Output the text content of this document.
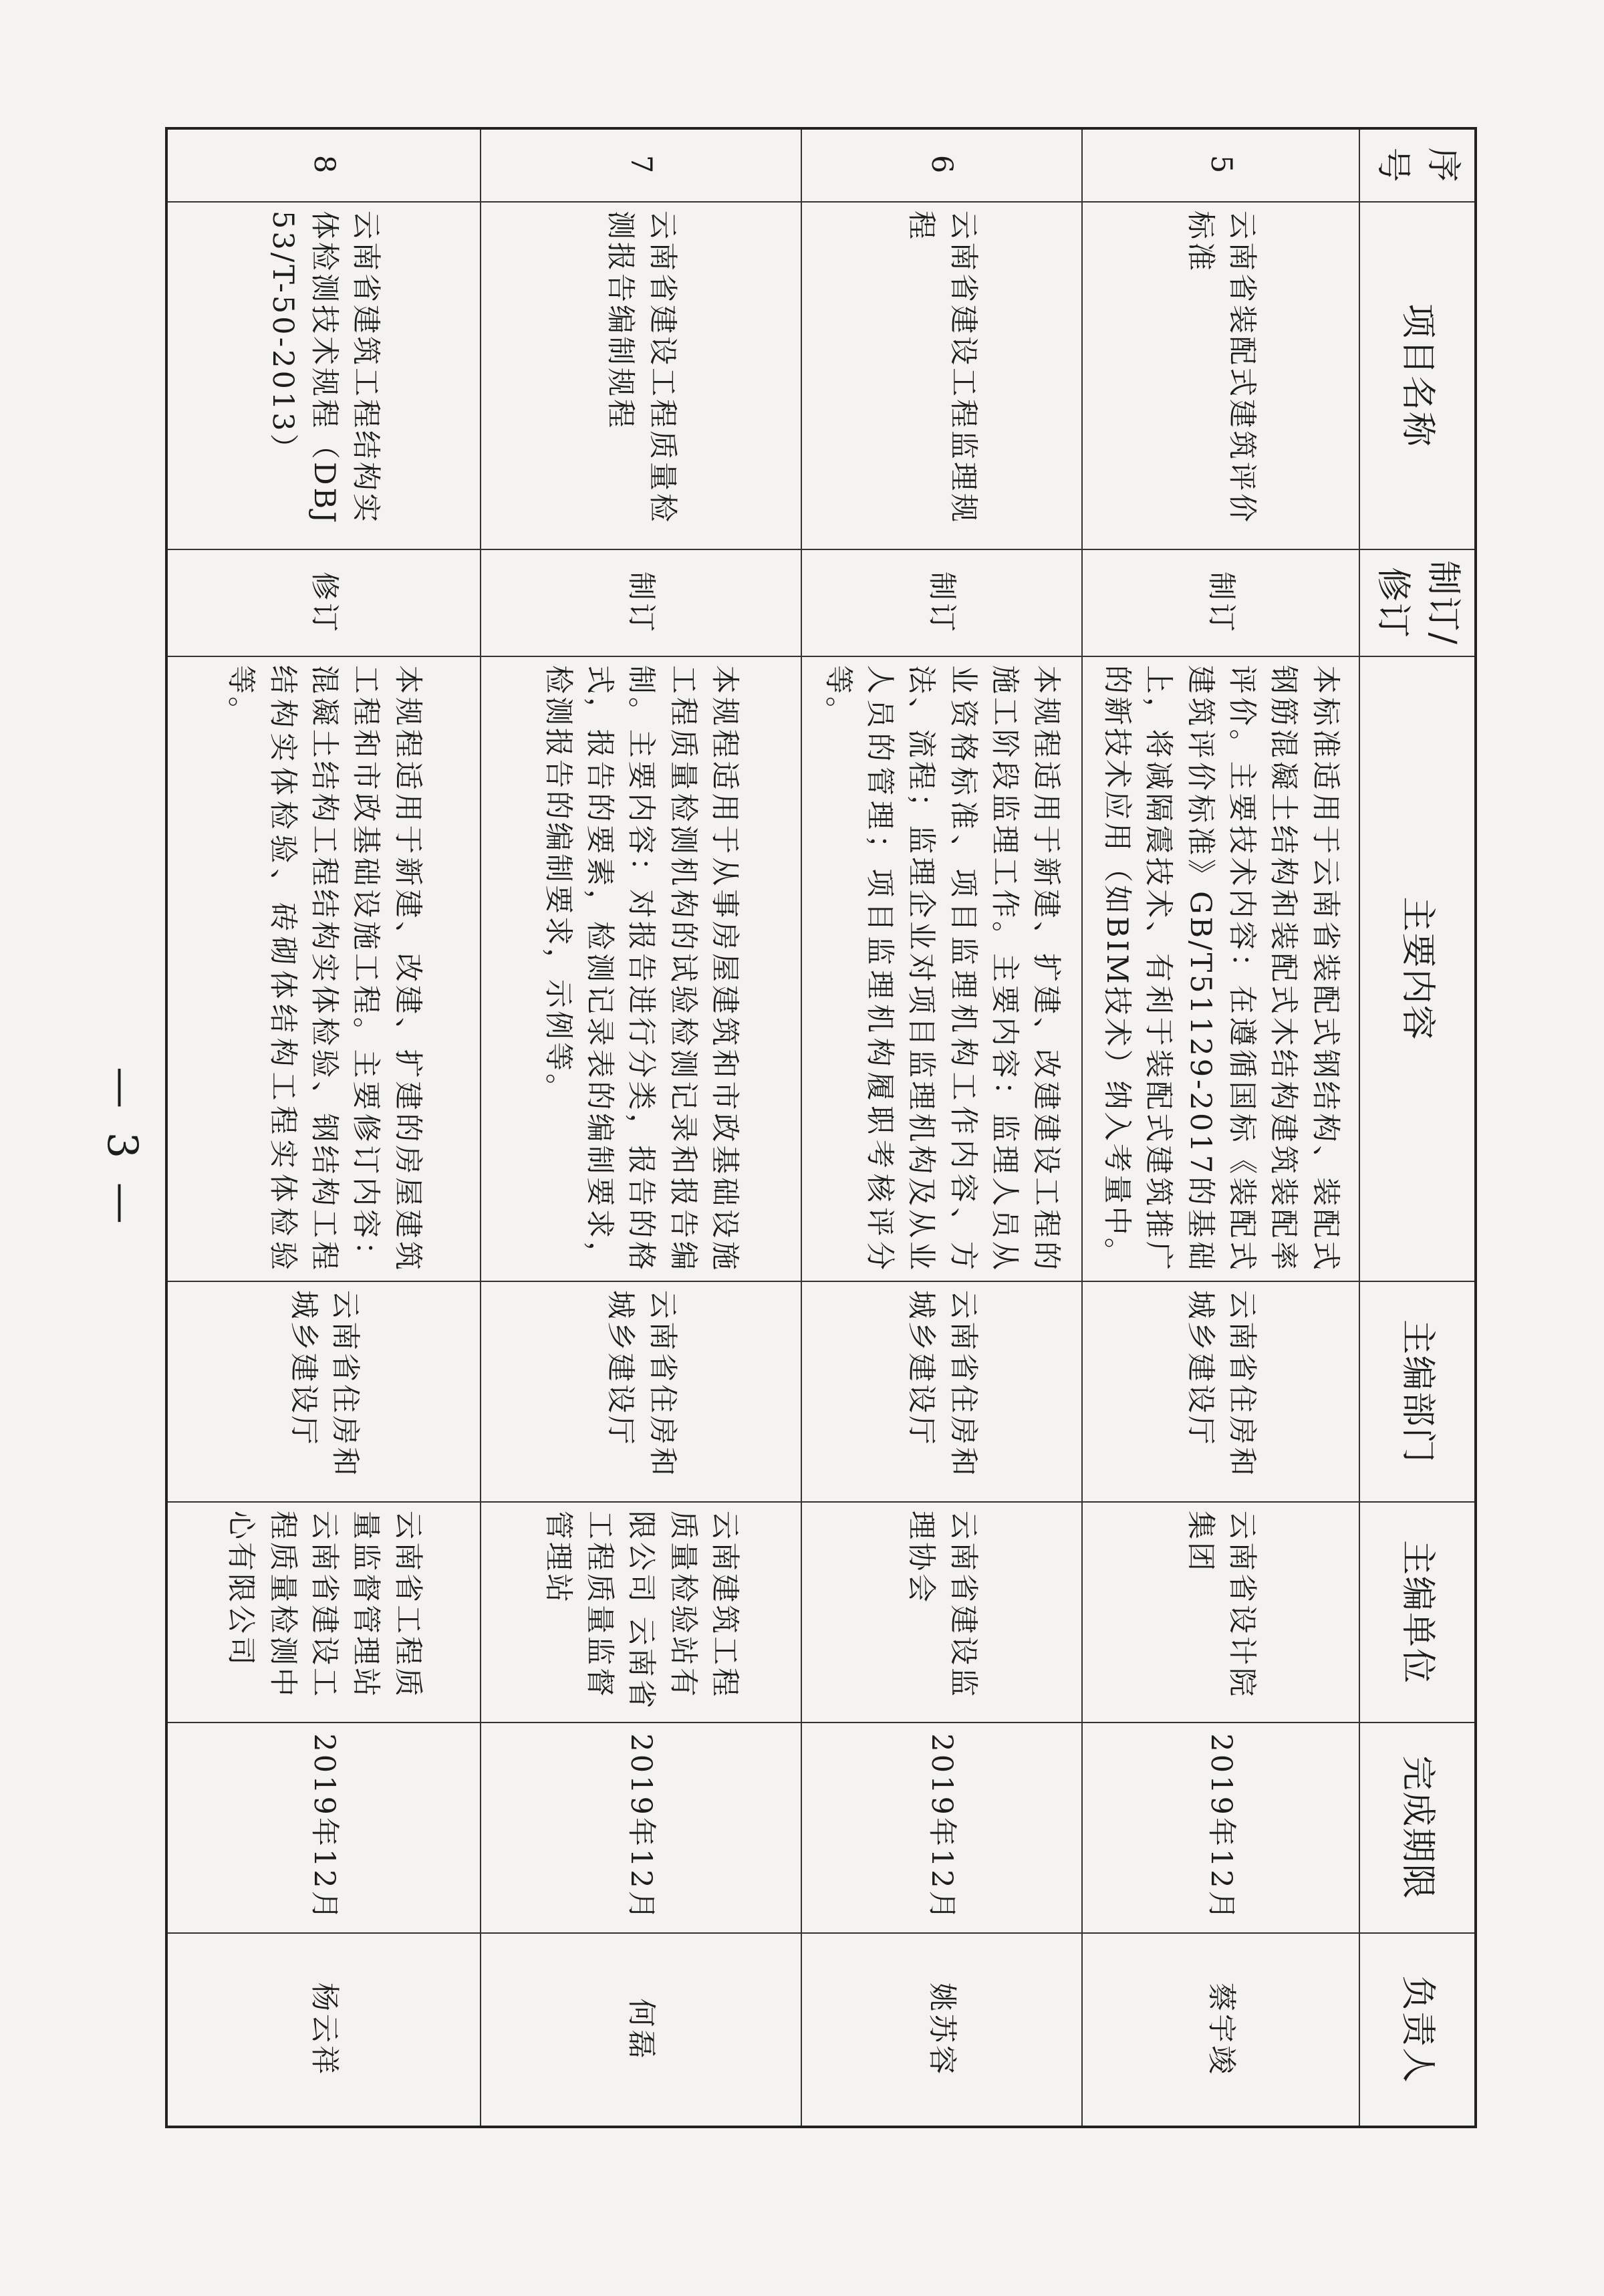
序号	项目名称	制订/修订	主要内容	主编部门	主编单位	完成期限	负责人
5	云南省装配式建筑评价标准	制订	本标准适用于云南省装配式钢结构、装配式钢筋混凝土结构和装配式木结构建筑装配率评价。主要技术内容：在遵循国标《装配式建筑评价标准》GB/T51129-2017的基础上，将减隔震技术、有利于装配式建筑推广的新技术应用（如BIM技术）纳入考量中。	云南省住房和城乡建设厅	云南省设计院集团	2019年12月	蔡宇竣
6	云南省建设工程监理规程	制订	本规程适用于新建、扩建、改建建设工程的施工阶段监理工作。主要内容：监理人员从业资格标准、项目监理机构工作内容、方法、流程；监理企业对项目监理机构及从业人员的管理；项目监理机构履职考核评分等。	云南省住房和城乡建设厅	云南省建设监理协会	2019年12月	姚苏容
7	云南省建设工程质量检测报告编制规程	制订	本规程适用于从事房屋建筑和市政基础设施工程质量检测机构的试验检测记录和报告编制。主要内容：对报告进行分类，报告的格式，报告的要素，检测记录表的编制要求，检测报告的编制要求，示例等。	云南省住房和城乡建设厅	云南建筑工程质量检验站有限公司 云南省工程质量监督管理站	2019年12月	何磊
8	云南省建筑工程结构实体检测技术规程（DBJ 53/T-50-2013）	修订	本规程适用于新建、改建、扩建的房屋建筑工程和市政基础设施工程。主要修订内容：混凝土结构工程结构实体检验、钢结构工程结构实体检验、砖砌体结构工程实体检验等。	云南省住房和城乡建设厅	云南省工程质量监督管理站 云南省建设工程质量检测中心有限公司	2019年12月	杨云祥
— 3 —
